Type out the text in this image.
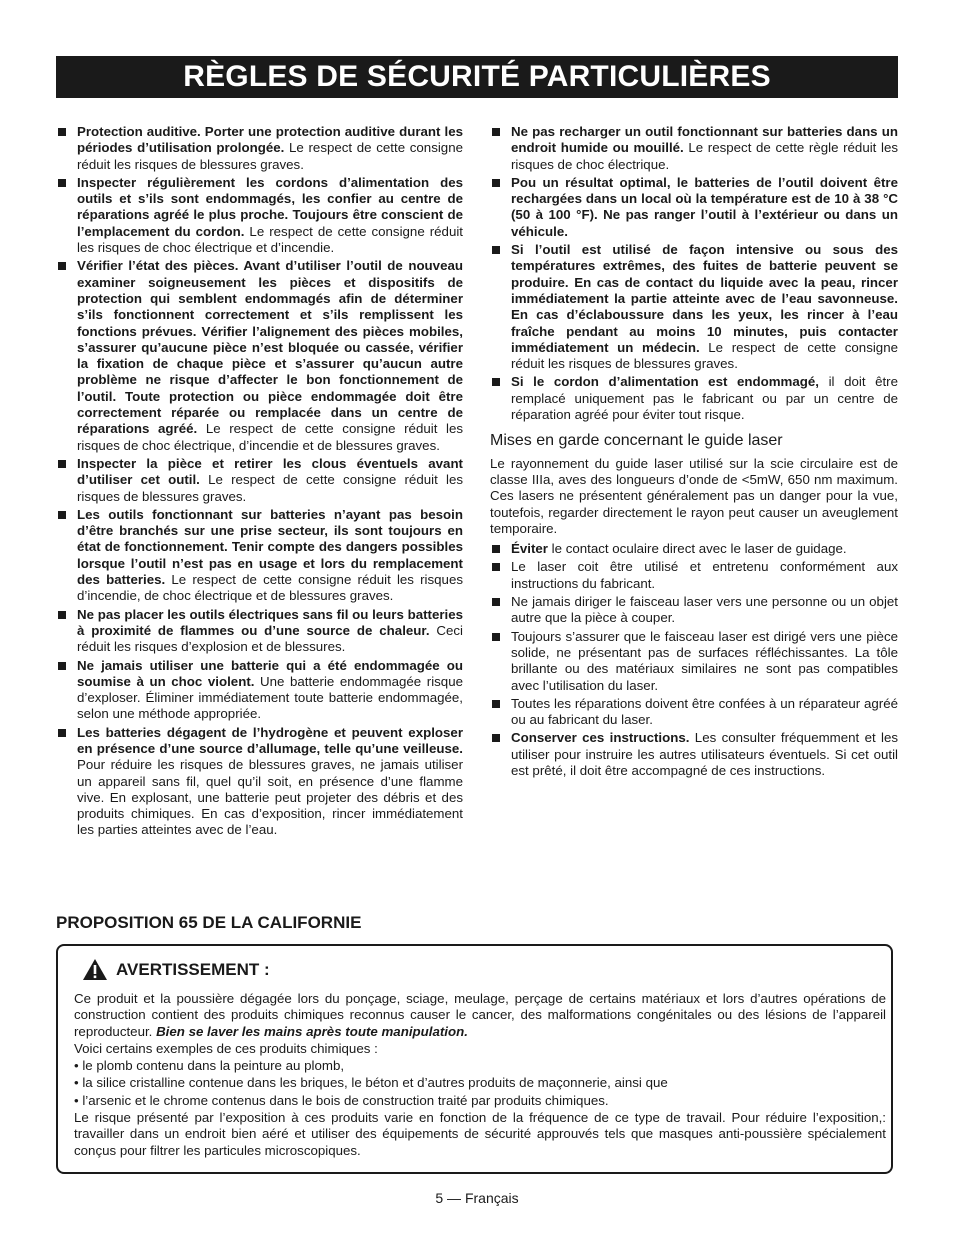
RÈGLES DE SÉCURITÉ PARTICULIÈRES
Protection auditive. Porter une protection auditive durant les périodes d’utilisation prolongée. Le respect de cette consigne réduit les risques de blessures graves.
Inspecter régulièrement les cordons d’alimentation des outils et s’ils sont endommagés, les confier au centre de réparations agréé le plus proche. Toujours être conscient de l’emplacement du cordon. Le respect de cette consigne réduit les risques de choc électrique et d’incendie.
Vérifier l’état des pièces. Avant d’utiliser l’outil de nouveau examiner soigneusement les pièces et dispositifs de protection qui semblent endommagés afin de déterminer s’ils fonctionnent correctement et s’ils remplissent les fonctions prévues. Vérifier l’alignement des pièces mobiles, s’assurer qu’aucune pièce n’est bloquée ou cassée, vérifier la fixation de chaque pièce et s’assurer qu’aucun autre problème ne risque d’affecter le bon fonctionnement de l’outil. Toute protection ou pièce endommagée doit être correctement réparée ou remplacée dans un centre de réparations agréé. Le respect de cette consigne réduit les risques de choc électrique, d’incendie et de blessures graves.
Inspecter la pièce et retirer les clous éventuels avant d’utiliser cet outil. Le respect de cette consigne réduit les risques de blessures graves.
Les outils fonctionnant sur batteries n’ayant pas besoin d’être branchés sur une prise secteur, ils sont toujours en état de fonctionnement. Tenir compte des dangers possibles lorsque l’outil n’est pas en usage et lors du remplacement des batteries. Le respect de cette consigne réduit les risques d’incendie, de choc électrique et de blessures graves.
Ne pas placer les outils électriques sans fil ou leurs batteries à proximité de flammes ou d’une source de chaleur. Ceci réduit les risques d’explosion et de blessures.
Ne jamais utiliser une batterie qui a été endommagée ou soumise à un choc violent. Une batterie endommagée risque d’exploser. Éliminer immédiatement toute batterie endommagée, selon une méthode appropriée.
Les batteries dégagent de l’hydrogène et peuvent exploser en présence d’une source d’allumage, telle qu’une veilleuse. Pour réduire les risques de blessures graves, ne jamais utiliser un appareil sans fil, quel qu’il soit, en présence d’une flamme vive. En explosant, une batterie peut projeter des débris et des produits chimiques. En cas d’exposition, rincer immédiatement les parties atteintes avec de l’eau.
Ne pas recharger un outil fonctionnant sur batteries dans un endroit humide ou mouillé. Le respect de cette règle réduit les risques de choc électrique.
Pou un résultat optimal, le batteries de l’outil doivent être rechargées dans un local où la température est de 10 à 38 °C (50 à 100 °F). Ne pas ranger l’outil à l’extérieur ou dans un véhicule.
Si l’outil est utilisé de façon intensive ou sous des températures extrêmes, des fuites de batterie peuvent se produire. En cas de contact du liquide avec la peau, rincer immédiatement la partie atteinte avec de l’eau savonneuse. En cas d’éclaboussure dans les yeux, les rincer à l’eau fraîche pendant au moins 10 minutes, puis contacter immédiatement un médecin. Le respect de cette consigne réduit les risques de blessures graves.
Si le cordon d’alimentation est endommagé, il doit être remplacé uniquement pas le fabricant ou par un centre de réparation agréé pour éviter tout risque.
Mises en garde concernant le guide laser
Le rayonnement du guide laser utilisé sur la scie circulaire est de classe IIIa, aves des longueurs d’onde de <5mW, 650 nm maximum. Ces lasers ne présentent généralement pas un danger pour la vue, toutefois, regarder directement le rayon peut causer un aveuglement temporaire.
Éviter le contact oculaire direct avec le laser de guidage.
Le laser coit être utilisé et entretenu conformément aux instructions du fabricant.
Ne jamais diriger le faisceau laser vers une personne ou un objet autre que la pièce à couper.
Toujours s’assurer que le faisceau laser est dirigé vers une pièce solide, ne présentant pas de surfaces réfléchissantes. La tôle brillante ou des matériaux similaires ne sont pas compatibles avec l’utilisation du laser.
Toutes les réparations doivent être confées à un réparateur agréé ou au fabricant du laser.
Conserver ces instructions. Les consulter fréquemment et les utiliser pour instruire les autres utilisateurs éventuels. Si cet outil est prêté, il doit être accompagné de ces instructions.
PROPOSITION 65 DE LA CALIFORNIE
AVERTISSEMENT :

Ce produit et la poussière dégagée lors du ponçage, sciage, meulage, perçage de certains matériaux et lors d’autres opérations de construction contient des produits chimiques reconnus causer le cancer, des malformations congénitales ou des lésions de l’appareil reproducteur. Bien se laver les mains après toute manipulation.

Voici certains exemples de ces produits chimiques :

• le plomb contenu dans la peinture au plomb,

• la silice cristalline contenue dans les briques, le béton et d’autres produits de maçonnerie, ainsi que

• l’arsenic et le chrome contenus dans le bois de construction traité par produits chimiques.

Le risque présenté par l’exposition à ces produits varie en fonction de la fréquence de ce type de travail. Pour réduire l’exposition,: travailler dans un endroit bien aéré et utiliser des équipements de sécurité approuvés tels que masques anti-poussière spécialement conçus pour filtrer les particules microscopiques.

5 — Français
